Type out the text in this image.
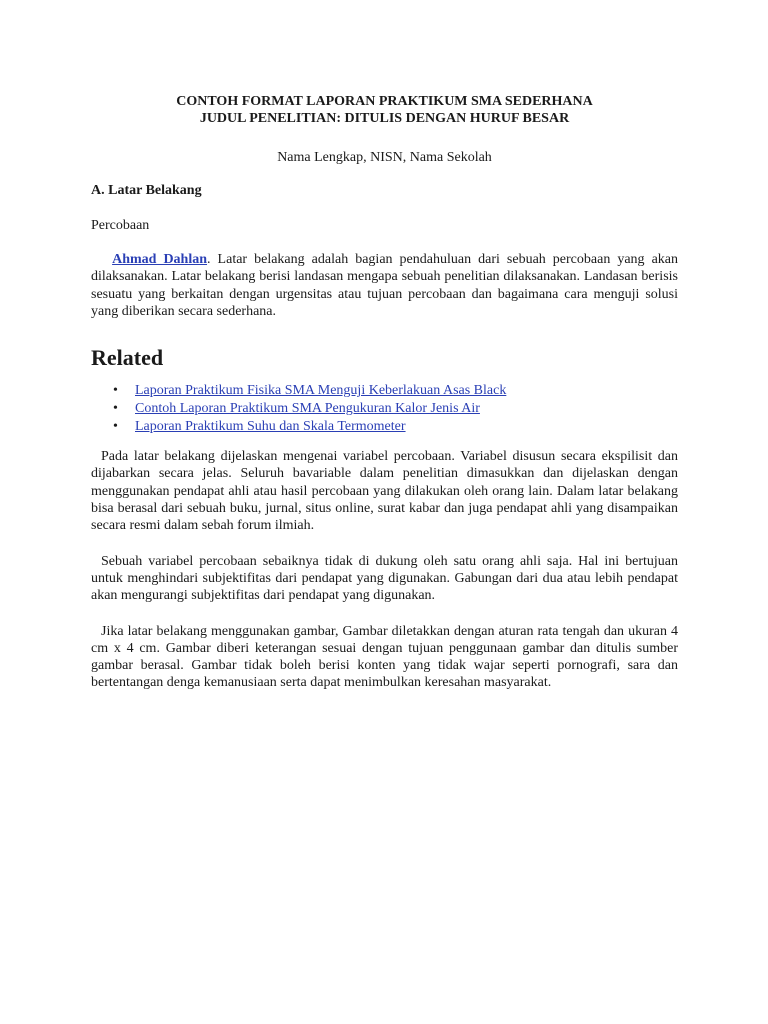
CONTOH FORMAT LAPORAN PRAKTIKUM SMA SEDERHANA

JUDUL PENELITIAN: DITULIS DENGAN HURUF BESAR

Nama Lengkap, NISN, Nama Sekolah

A. Latar Belakang

Percobaan

Ahmad Dahlan. Latar belakang adalah bagian pendahuluan dari sebuah percobaan yang akan dilaksanakan. Latar belakang berisi landasan mengapa sebuah penelitian dilaksanakan. Landasan berisis sesuatu yang berkaitan dengan urgensitas atau tujuan percobaan dan bagaimana cara menguji solusi yang diberikan secara sederhana.

Related
• Laporan Praktikum Fisika SMA Menguji Keberlakuan Asas Black
• Contoh Laporan Praktikum SMA Pengukuran Kalor Jenis Air
• Laporan Praktikum Suhu dan Skala Termometer

Pada latar belakang dijelaskan mengenai variabel percobaan. Variabel disusun secara ekspilisit dan dijabarkan secara jelas. Seluruh bavariable dalam penelitian dimasukkan dan dijelaskan dengan menggunakan pendapat ahli atau hasil percobaan yang dilakukan oleh orang lain. Dalam latar belakang bisa berasal dari sebuah buku, jurnal, situs online, surat kabar dan juga pendapat ahli yang disampaikan secara resmi dalam sebah forum ilmiah.

Sebuah variabel percobaan sebaiknya tidak di dukung oleh satu orang ahli saja. Hal ini bertujuan untuk menghindari subjektifitas dari pendapat yang digunakan. Gabungan dari dua atau lebih pendapat akan mengurangi subjektifitas dari pendapat yang digunakan.

Jika latar belakang menggunakan gambar, Gambar diletakkan dengan aturan rata tengah dan ukuran 4 cm x 4 cm. Gambar diberi keterangan sesuai dengan tujuan penggunaan gambar dan ditulis sumber gambar berasal. Gambar tidak boleh berisi konten yang tidak wajar seperti pornografi, sara dan bertentangan denga kemanusiaan serta dapat menimbulkan keresahan masyarakat.
